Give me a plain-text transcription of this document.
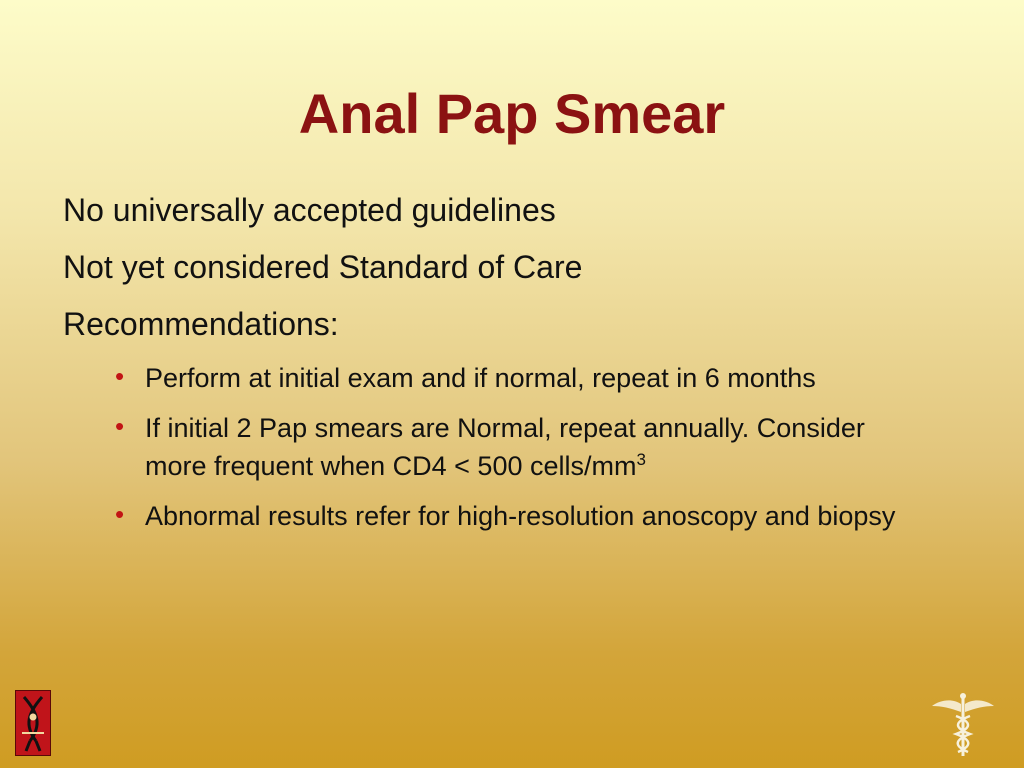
Anal Pap Smear

No universally accepted guidelines

Not yet considered Standard of Care

Recommendations:

• Perform at initial exam and if normal, repeat in 6 months
• If initial 2 Pap smears are Normal, repeat annually. Consider more frequent when CD4 < 500 cells/$mm^3$
• Abnormal results refer for high-resolution anoscopy and biopsy
